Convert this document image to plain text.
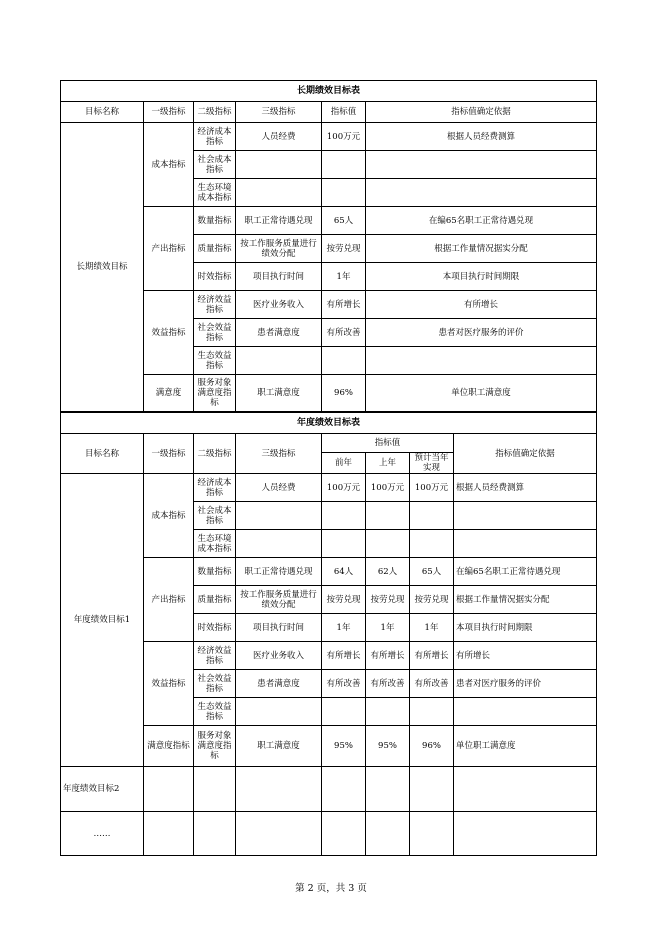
长期绩效目标表					
目标名称	一级指标	二级指标	三级指标	指标值	指标值确定依据
长期绩效目标	成本指标	经济成本指标	人员经费	100万元	根据人员经费测算
		社会成本指标			
		生态环境成本指标			
	产出指标	数量指标	职工正常待遇兑现	65人	在编65名职工正常待遇兑现
		质量指标	按工作服务质量进行绩效分配	按劳兑现	根据工作量情况据实分配
		时效指标	项目执行时间	1年	本项目执行时间期限
	效益指标	经济效益指标	医疗业务收入	有所增长	有所增长
		社会效益指标	患者满意度	有所改善	患者对医疗服务的评价
		生态效益指标			
	满意度	服务对象满意度指标	职工满意度	96%	单位职工满意度
年度绩效目标表							
目标名称	一级指标	二级指标	三级指标	指标值			指标值确定依据
				前年	上年	预计当年实现	
年度绩效目标1	成本指标	经济成本指标	人员经费	100万元	100万元	100万元	根据人员经费测算
		社会成本指标					
		生态环境成本指标					
	产出指标	数量指标	职工正常待遇兑现	64人	62人	65人	在编65名职工正常待遇兑现
		质量指标	按工作服务质量进行绩效分配	按劳兑现	按劳兑现	按劳兑现	根据工作量情况据实分配
		时效指标	项目执行时间	1年	1年	1年	本项目执行时间期限
	效益指标	经济效益指标	医疗业务收入	有所增长	有所增长	有所增长	有所增长
		社会效益指标	患者满意度	有所改善	有所改善	有所改善	患者对医疗服务的评价
		生态效益指标					
	满意度指标	服务对象满意度指标	职工满意度	95%	95%	96%	单位职工满意度
年度绩效目标2							
……							
第 2 页，共 3 页
